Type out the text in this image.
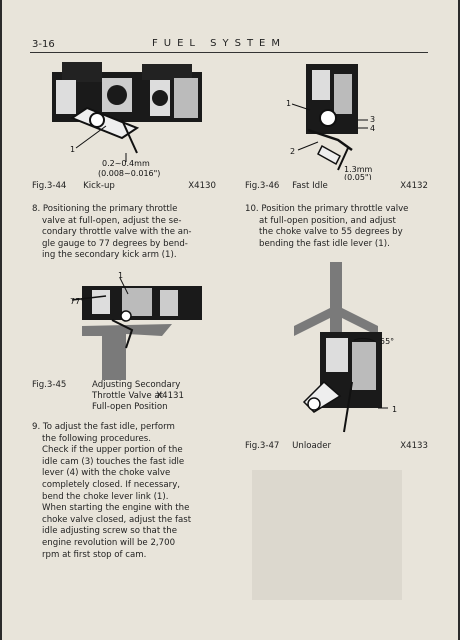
3-16	FUEL SYSTEM
1
0.2~0.4mm
(0.008~0.016")
Fig.3-44 Kick-up	X4130

8. Positioning the primary throttle

valve at full-open, adjust the se-

condary throttle valve with the an-

gle gauge to 77 degrees by bend-

ing the secondary kick arm (1).

77°
1
Fig.3-45	Adjusting Secondary
Throttle Valve at
X4131
Full-open Position

9. To adjust the fast idle, perform

the following procedures.

Check if the upper portion of the

idle cam (3) touches the fast idle

lever (4) with the choke valve

completely closed. If necessary,

bend the choke lever link (1).

When starting the engine with the

choke valve closed, adjust the fast

idle adjusting screw so that the

engine revolution will be 2,700

rpm at first stop of cam.

1
3
4
2
1.3mm
(0.05")
Fig.3-46 Fast Idle	X4132

10. Position the primary throttle valve

at full-open position, and adjust

the choke valve to 55 degrees by

bending the fast idle lever (1).

55°
1
Fig.3-47 Unloader	X4133
